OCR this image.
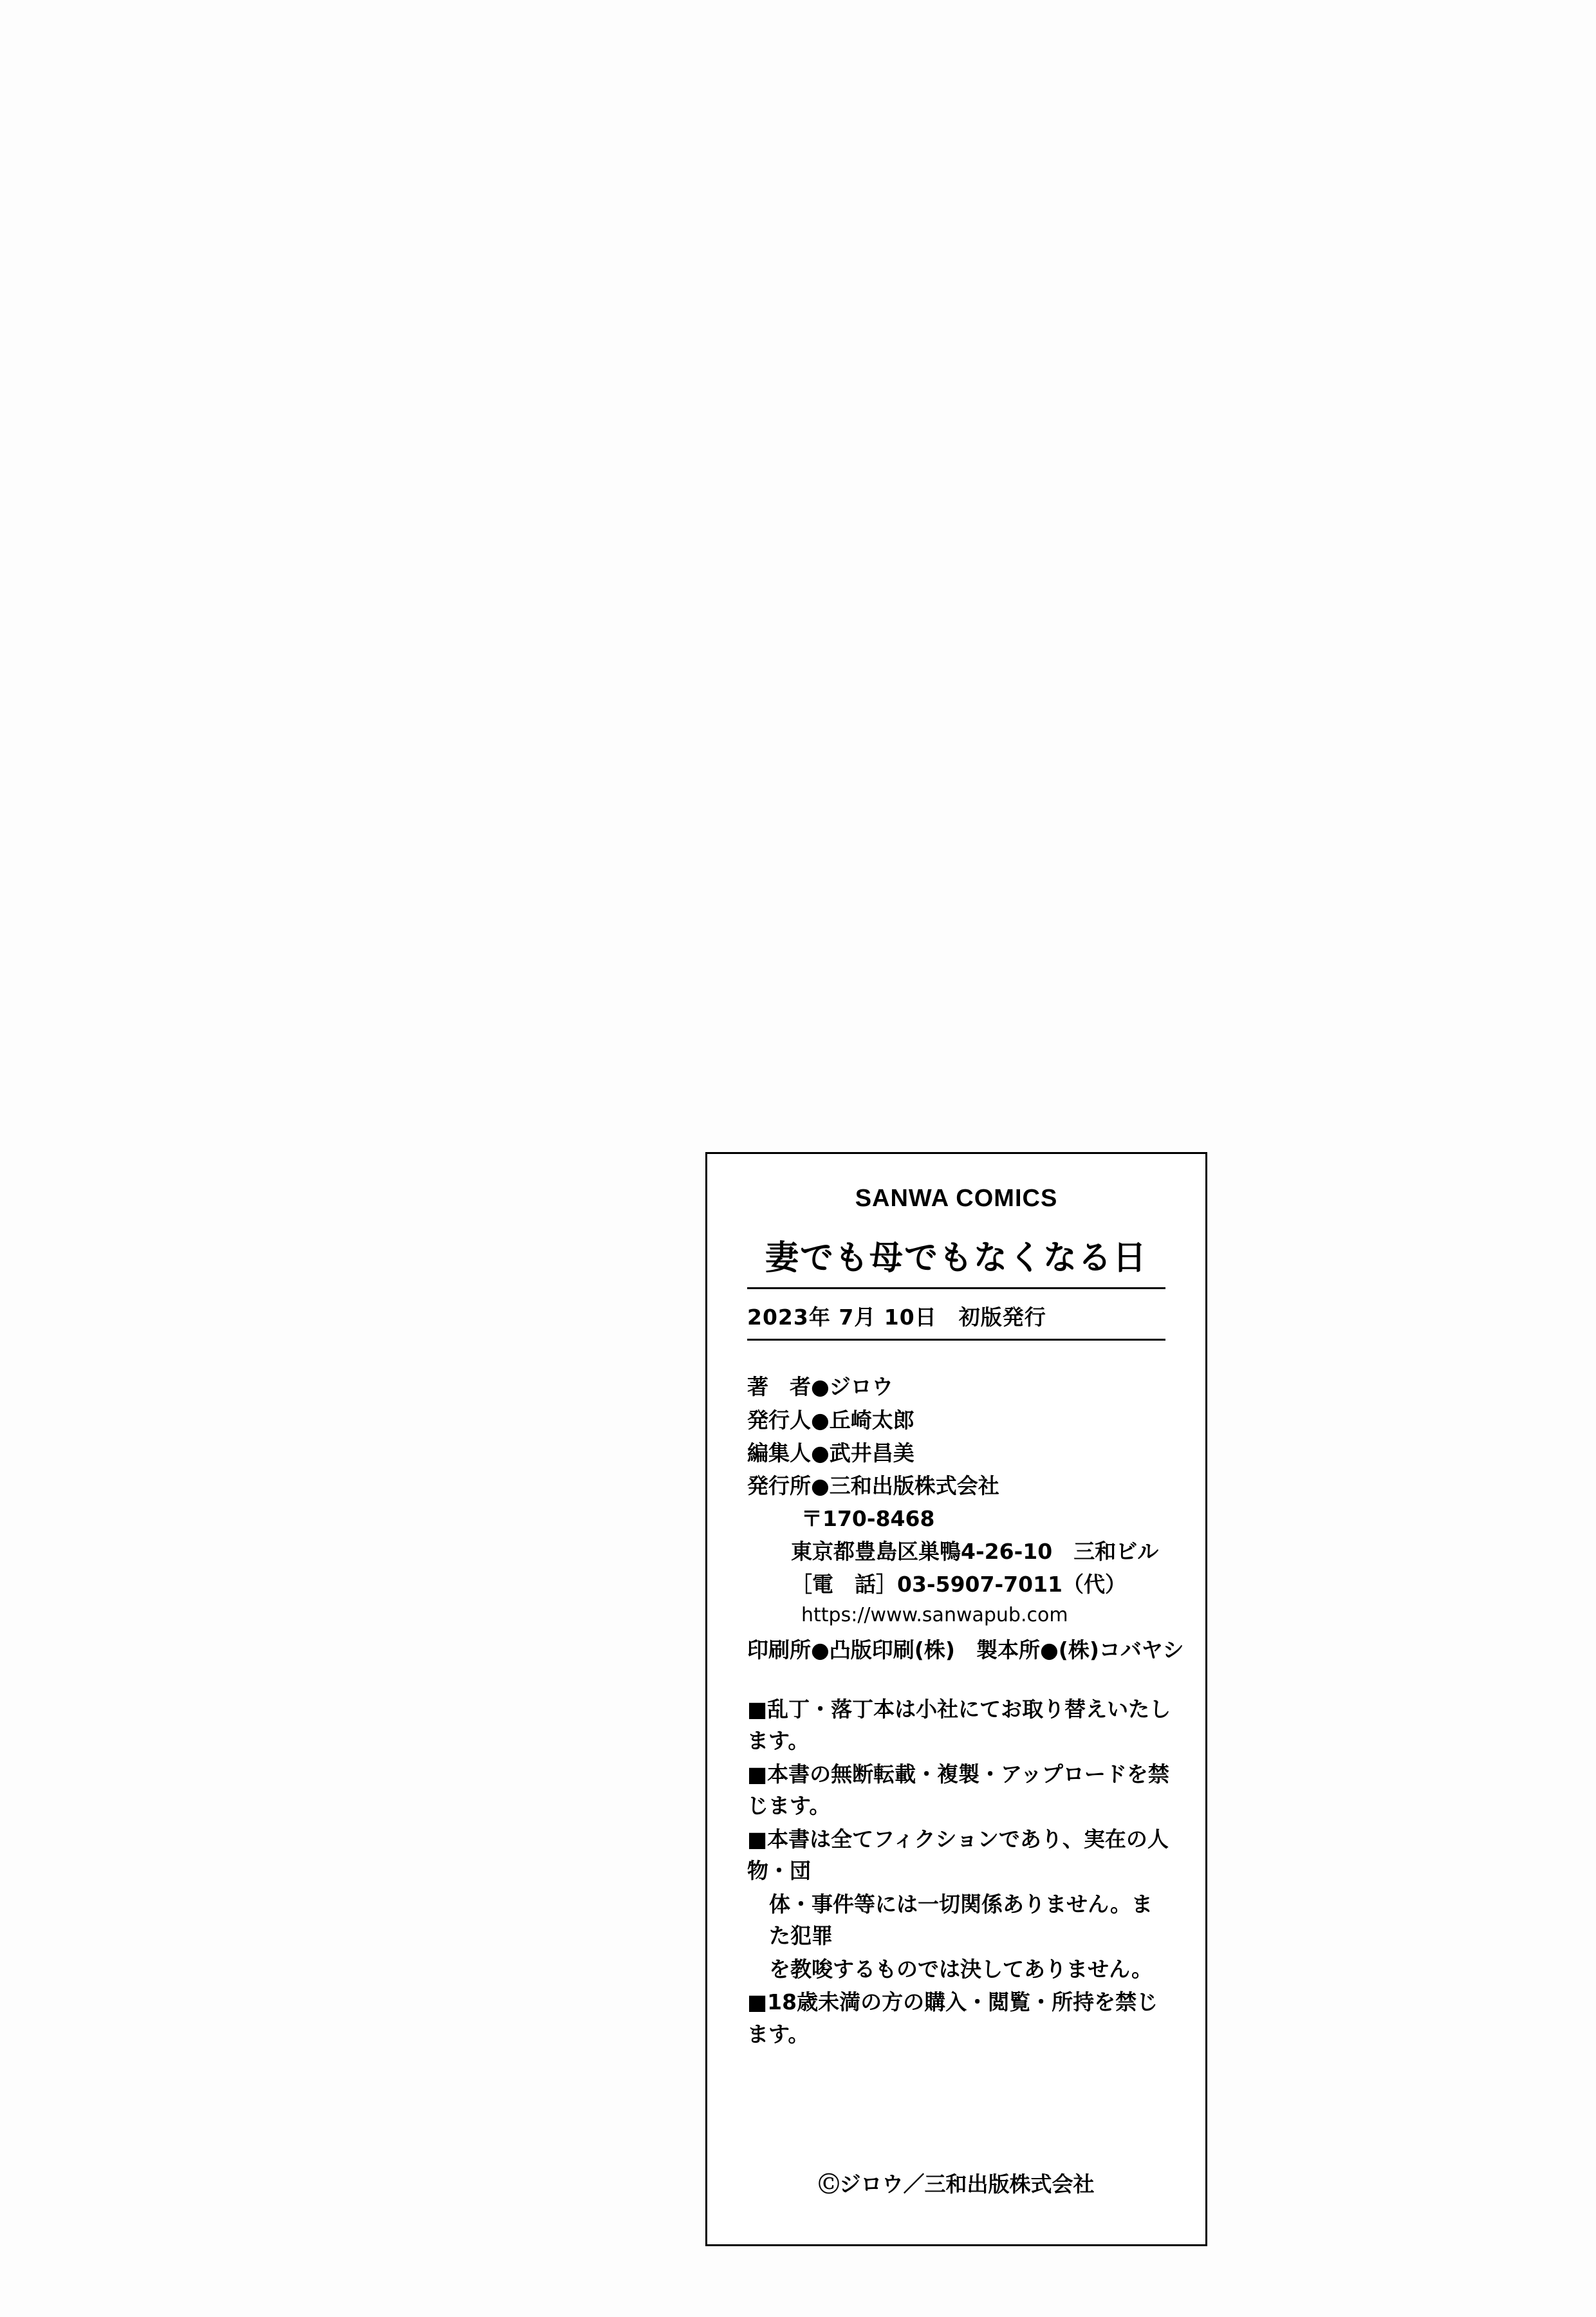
SANWA COMICS
妻でも母でもなくなる日
2023年 7月 10日　初版発行
著　者●ジロウ
発行人●丘崎太郎
編集人●武井昌美
発行所●三和出版株式会社
〒170-8468
東京都豊島区巣鴨4-26-10　三和ビル
［電　話］03-5907-7011（代）
https://www.sanwapub.com
印刷所●凸版印刷(株)　製本所●(株)コバヤシ
■乱丁・落丁本は小社にてお取り替えいたします。
■本書の無断転載・複製・アップロードを禁じます。
■本書は全てフィクションであり、実在の人物・団
体・事件等には一切関係ありません。また犯罪
を教唆するものでは決してありません。
■18歳未満の方の購入・閲覧・所持を禁じます。
Ⓒジロウ／三和出版株式会社
